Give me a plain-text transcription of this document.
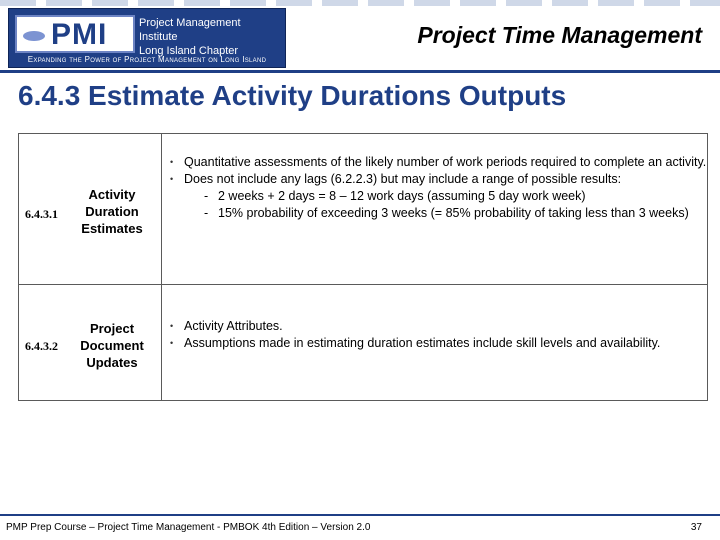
PMI	Project Management Institute
Long Island Chapter
Expanding the Power of Project Management on Long Island
Project Time Management
6.4.3 Estimate Activity Durations Outputs
6.4.3.1
Activity Duration Estimates
• Quantitative assessments of the likely number of work periods required to complete an activity.
• Does not include any lags (6.2.2.3) but may include a range of possible results:
- 2 weeks + 2 days = 8 – 12 work days (assuming 5 day work week)
- 15% probability of exceeding 3 weeks (= 85% probability of taking less than 3 weeks)
6.4.3.2
Project Document Updates
• Activity Attributes.
• Assumptions made in estimating duration estimates include skill levels and availability.
PMP Prep Course – Project Time Management - PMBOK 4th Edition – Version 2.0	37
